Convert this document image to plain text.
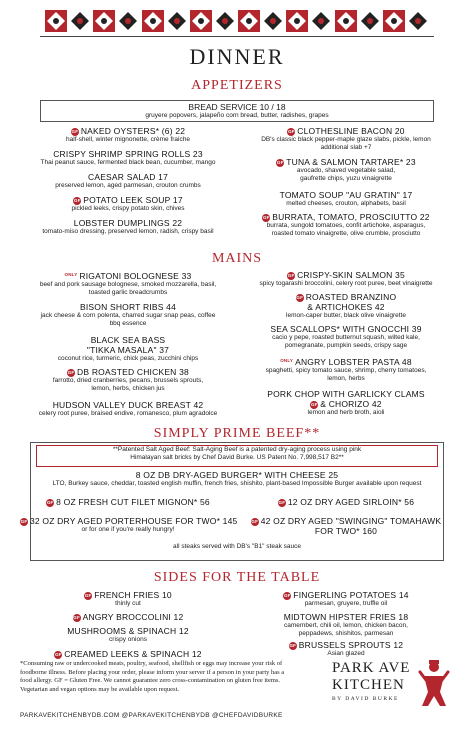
DINNER
APPETIZERS
BREAD SERVICE 10 / 18
gruyere popovers, jalapeño corn bread, butter, radishes, grapes
GF NAKED OYSTERS* (6) 22
half-shell, winter mignonette, crème fraiche
CRISPY SHRIMP SPRING ROLLS 23
Thai peanut sauce, fermented black bean, cucumber, mango
CAESAR SALAD 17
preserved lemon, aged parmesan, crouton crumbs
GF POTATO LEEK SOUP 17
pickled leeks, crispy potato skin, chives
LOBSTER DUMPLINGS 22
tomato-miso dressing, preserved lemon, radish, crispy basil
GF CLOTHESLINE BACON 20
DB's classic black pepper-maple glaze slabs, pickle, lemon
additional slab +7
GF TUNA & SALMON TARTARE* 23
avocado, shaved vegetable salad,
gaufrette chips, yuzu vinaigrette
TOMATO SOUP "AU GRATIN" 17
melted cheeses, crouton, alphabets, basil
GF BURRATA, TOMATO, PROSCIUTTO 22
burrata, sungold tomatoes, confit artichoke, asparagus,
roasted tomato vinaigrette, olive crumble, prosciutto
MAINS
ONLY RIGATONI BOLOGNESE 33
beef and pork sausage bolognese, smoked mozzarella, basil,
toasted garlic breadcrumbs
BISON SHORT RIBS 44
jack cheese & corn polenta, charred sugar snap peas, coffee
bbq essence
BLACK SEA BASS
"TIKKA MASALA" 37
coconut rice, turmeric, chick peas, zucchini chips
GF DB ROASTED CHICKEN 38
farrotto, dried cranberries, pecans, brussels sprouts,
lemon, herbs, chicken jus
HUDSON VALLEY DUCK BREAST 42
celery root puree, braised endive, romanesco, plum agradolce
GF CRISPY-SKIN SALMON 35
spicy togarashi broccolini, celery root puree, beet vinaigrette
GF ROASTED BRANZINO
& ARTICHOKES 42
lemon-caper butter, black olive vinaigrette
SEA SCALLOPS* WITH GNOCCHI 39
cacio y pepe, roasted butternut squash, wilted kale,
pomegranate, pumpkin seeds, crispy sage
ONLY ANGRY LOBSTER PASTA 48
spaghetti, spicy tomato sauce, shrimp, cherry tomatoes,
lemon, herbs
PORK CHOP WITH GARLICKY CLAMS
GF & CHORIZO 42
lemon and herb broth, aioli
SIMPLY PRIME BEEF**
**Patented Salt Aged Beef: Salt-Aging Beef is a patented dry-aging process using pink
Himalayan salt bricks by Chef David Burke. US Patent No. 7,998,517 B2**
8 OZ DB DRY-AGED BURGER* WITH CHEESE 25
LTO, Burkey sauce, cheddar, toasted english muffin, french fries, shishito, plant-based Impossible Burger available upon request
GF 8 OZ FRESH CUT FILET MIGNON* 56	GF 12 OZ DRY AGED SIRLOIN* 56
GF 32 OZ DRY AGED PORTERHOUSE FOR TWO* 145
or for one if you're really hungry!
GF 42 OZ DRY AGED "SWINGING" TOMAHAWK
FOR TWO* 160
all steaks served with DB's "B1" steak sauce
SIDES FOR THE TABLE
GF FRENCH FRIES 10
thinly cut
GF ANGRY BROCCOLINI 12
MUSHROOMS & SPINACH 12
crispy onions
GF CREAMED LEEKS & SPINACH 12
GF FINGERLING POTATOES 14
parmesan, gruyere, truffle oil
MIDTOWN HIPSTER FRIES 18
camembert, chili oil, lemon, chicken bacon,
peppadews, shishitos, parmesan
GF BRUSSELS SPROUTS 12
Asian glazed
*Consuming raw or undercooked meats, poultry, seafood, shellfish or eggs may increase your risk of
foodborne illness. Before placing your order, please inform your server if a person in your party has a
food allergy. GF = Gluten Free. We cannot guarantee zero cross-contamination on gluten free items.
Vegetarian and vegan options may be available upon request.
PARKAVEKITCHENBYDB.COM @PARKAVEKITCHENBYDB @CHEFDAVIDBURKE
PARK AVE
KITCHEN
BY DAVID BURKE
